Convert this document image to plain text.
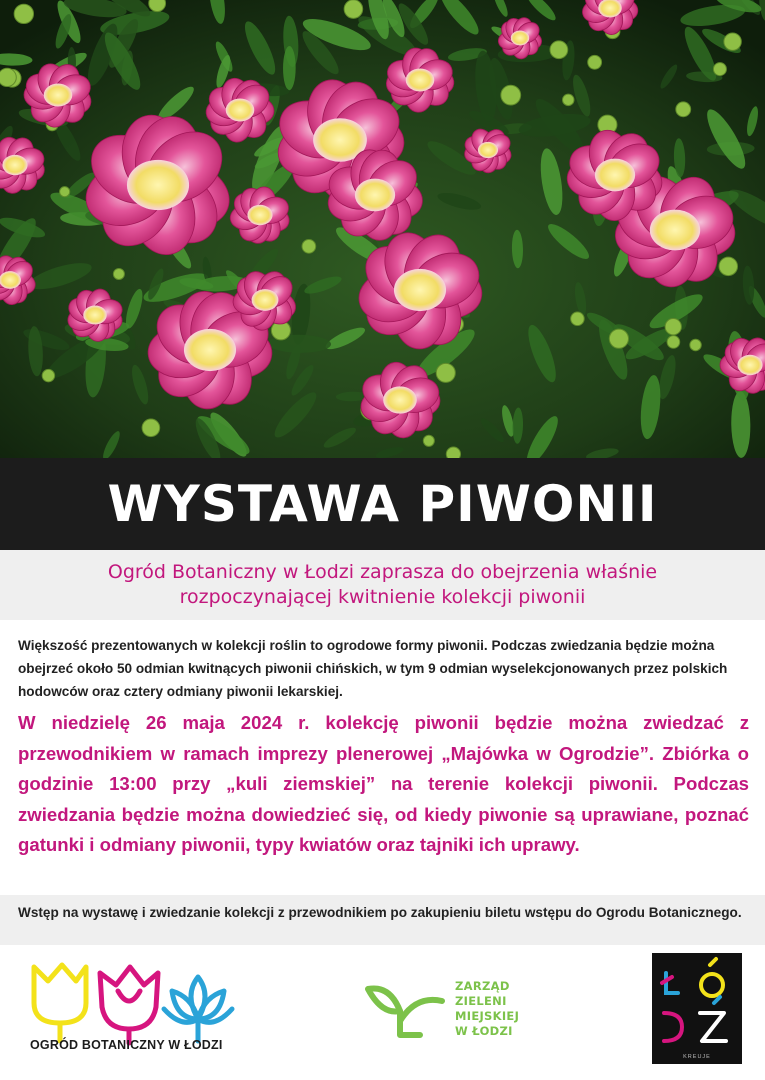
WYSTAWA PIWONII

Ogród Botaniczny w Łodzi zaprasza do obejrzenia właśnie

rozpoczynającej kwitnienie kolekcji piwonii

Większość prezentowanych w kolekcji roślin to ogrodowe formy piwonii. Podczas zwiedzania będzie można obejrzeć około 50 odmian kwitnących piwonii chińskich, w tym 9 odmian wyselekcjonowanych przez polskich hodowców oraz cztery odmiany piwonii lekarskiej.

W niedzielę 26 maja 2024 r. kolekcję piwonii będzie można zwiedzać z przewodnikiem w ramach imprezy plenerowej „Majówka w Ogrodzie”. Zbiórka o godzinie 13:00 przy „kuli ziemskiej” na terenie kolekcji piwonii. Podczas zwiedzania będzie można dowiedzieć się, od kiedy piwonie są uprawiane, poznać gatunki i odmiany piwonii, typy kwiatów oraz tajniki ich uprawy.

Wstęp na wystawę i zwiedzanie kolekcji z przewodnikiem po zakupieniu biletu wstępu do Ogrodu Botanicznego.
OGRÓD BOTANICZNY W ŁODZI
ZARZĄD
ZIELENI
MIEJSKIEJ
W ŁODZI
KREUJE
